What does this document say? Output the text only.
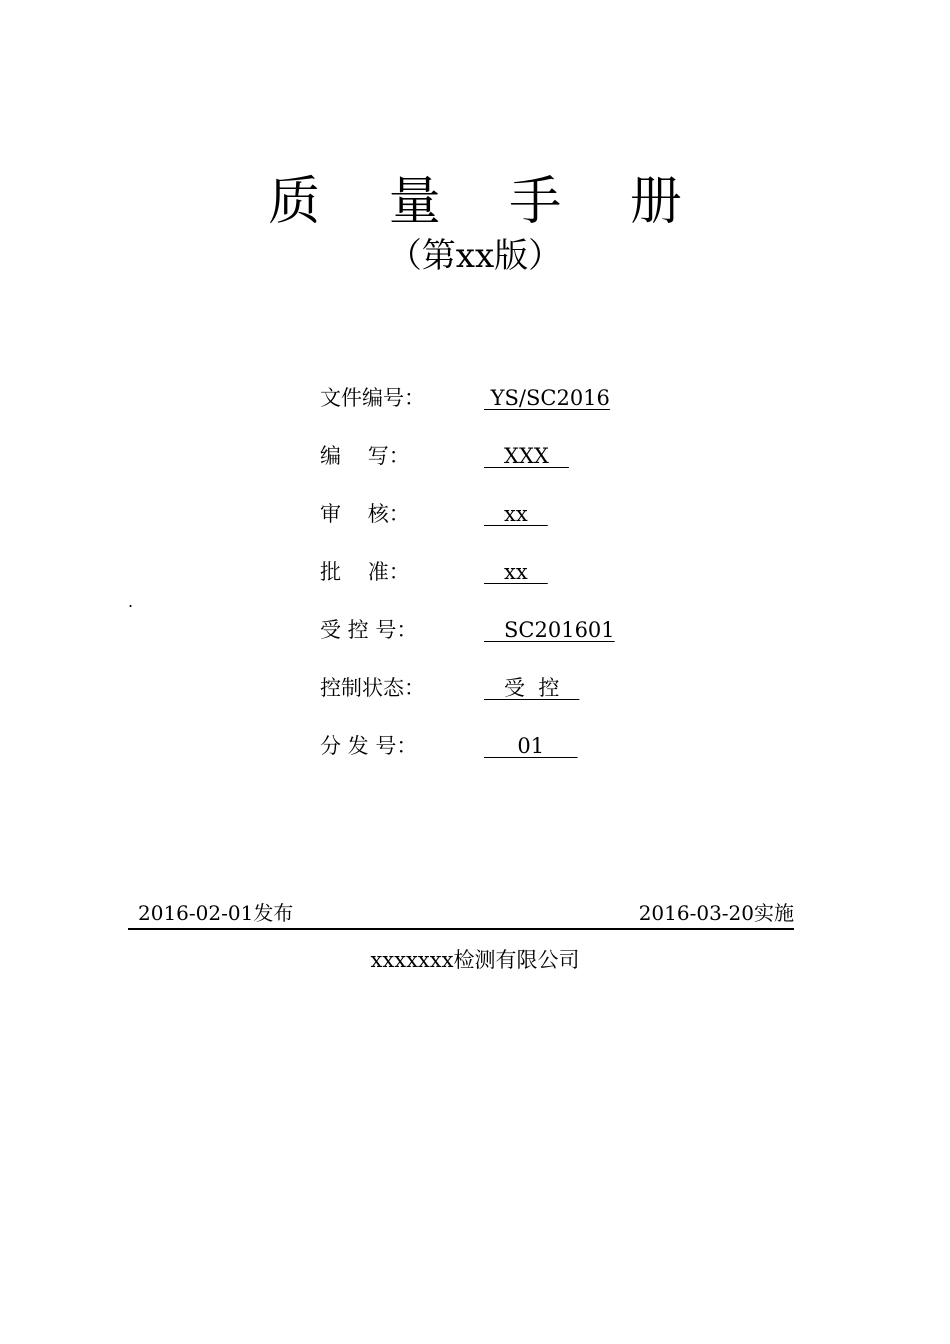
质 量 手 册
（第xx版）
文件编号：	YS/SC2016
编    写：	XXX
审    核：	xx
批    准：	xx
受 控 号：	SC201601
控制状态：	受  控
分 发 号：	01
.
2016-02-01发布	2016-03-20实施
xxxxxxx检测有限公司
